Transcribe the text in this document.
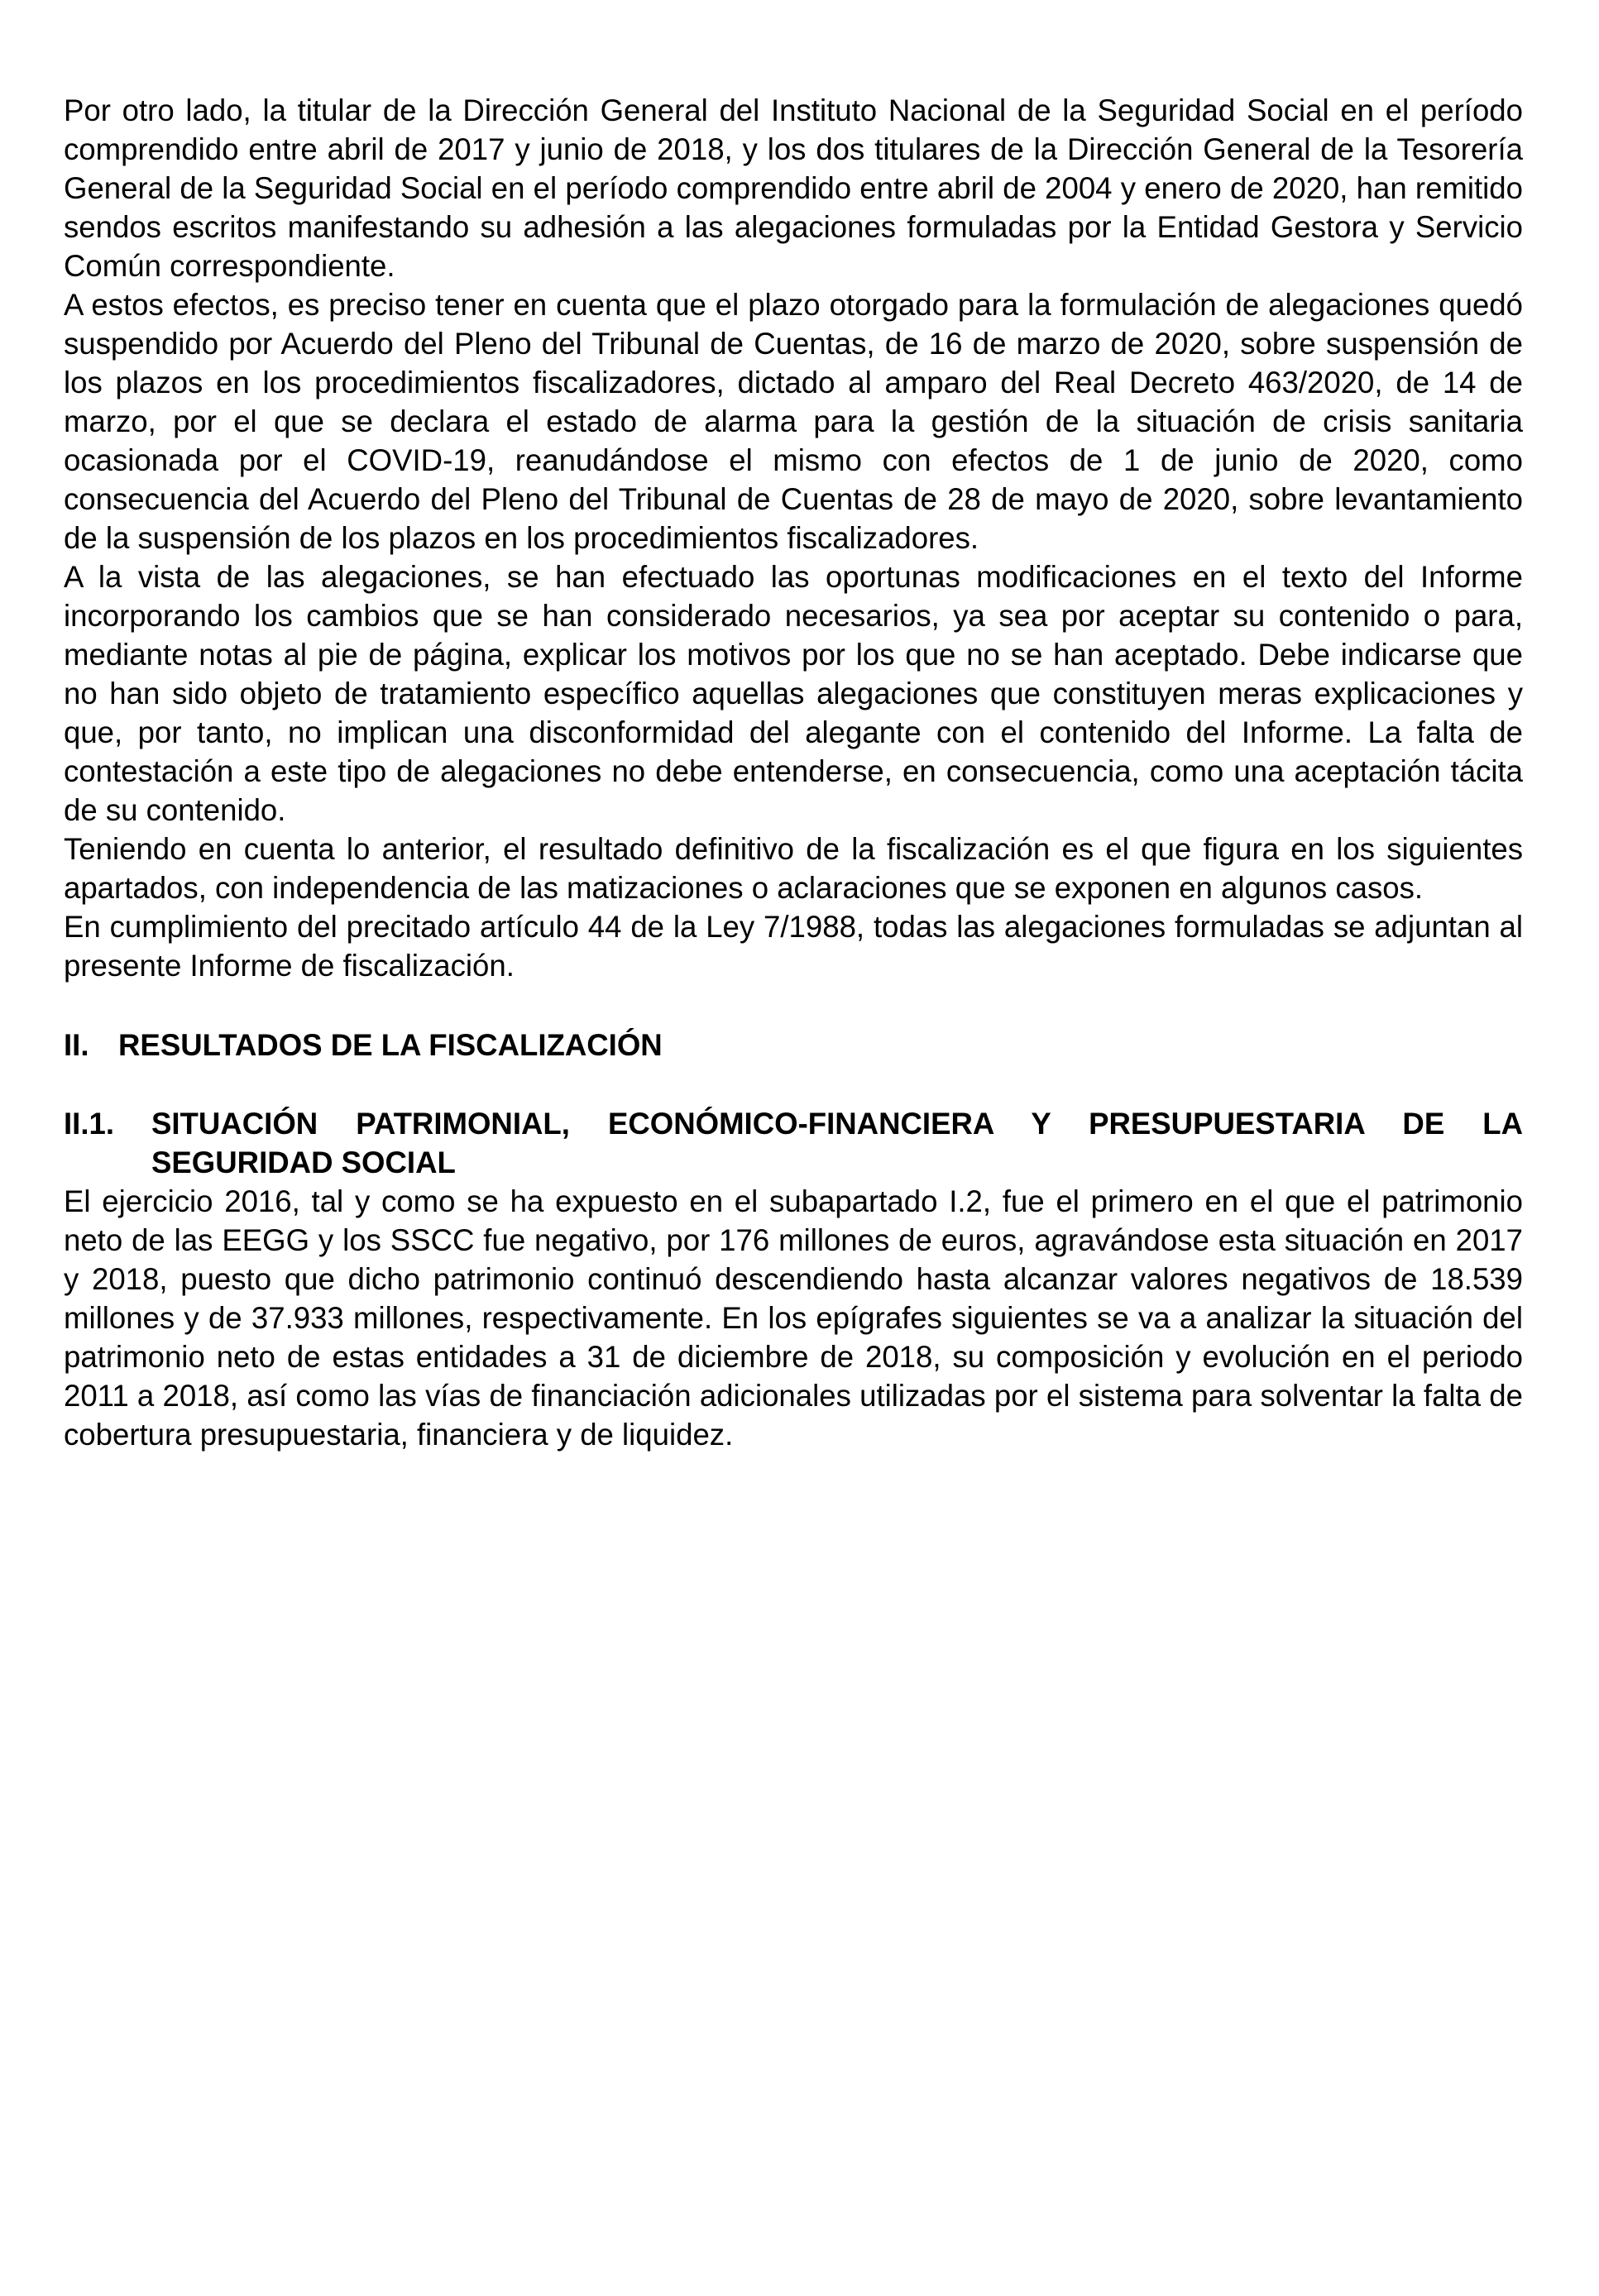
Por otro lado, la titular de la Dirección General del Instituto Nacional de la Seguridad Social en el período comprendido entre abril de 2017 y junio de 2018, y los dos titulares de la Dirección General de la Tesorería General de la Seguridad Social en el período comprendido entre abril de 2004 y enero de 2020, han remitido sendos escritos manifestando su adhesión a las alegaciones formuladas por la Entidad Gestora y Servicio Común correspondiente.

A estos efectos, es preciso tener en cuenta que el plazo otorgado para la formulación de alegaciones quedó suspendido por Acuerdo del Pleno del Tribunal de Cuentas, de 16 de marzo de 2020, sobre suspensión de los plazos en los procedimientos fiscalizadores, dictado al amparo del Real Decreto 463/2020, de 14 de marzo, por el que se declara el estado de alarma para la gestión de la situación de crisis sanitaria ocasionada por el COVID-19, reanudándose el mismo con efectos de 1 de junio de 2020, como consecuencia del Acuerdo del Pleno del Tribunal de Cuentas de 28 de mayo de 2020, sobre levantamiento de la suspensión de los plazos en los procedimientos fiscalizadores.

A la vista de las alegaciones, se han efectuado las oportunas modificaciones en el texto del Informe incorporando los cambios que se han considerado necesarios, ya sea por aceptar su contenido o para, mediante notas al pie de página, explicar los motivos por los que no se han aceptado. Debe indicarse que no han sido objeto de tratamiento específico aquellas alegaciones que constituyen meras explicaciones y que, por tanto, no implican una disconformidad del alegante con el contenido del Informe. La falta de contestación a este tipo de alegaciones no debe entenderse, en consecuencia, como una aceptación tácita de su contenido.

Teniendo en cuenta lo anterior, el resultado definitivo de la fiscalización es el que figura en los siguientes apartados, con independencia de las matizaciones o aclaraciones que se exponen en algunos casos.

En cumplimiento del precitado artículo 44 de la Ley 7/1988, todas las alegaciones formuladas se adjuntan al presente Informe de fiscalización.

II. RESULTADOS DE LA FISCALIZACIÓN
II.1.	SITUACIÓN PATRIMONIAL, ECONÓMICO-FINANCIERA Y PRESUPUESTARIA DE LA SEGURIDAD SOCIAL

El ejercicio 2016, tal y como se ha expuesto en el subapartado I.2, fue el primero en el que el patrimonio neto de las EEGG y los SSCC fue negativo, por 176 millones de euros, agravándose esta situación en 2017 y 2018, puesto que dicho patrimonio continuó descendiendo hasta alcanzar valores negativos de 18.539 millones y de 37.933 millones, respectivamente. En los epígrafes siguientes se va a analizar la situación del patrimonio neto de estas entidades a 31 de diciembre de 2018, su composición y evolución en el periodo 2011 a 2018, así como las vías de financiación adicionales utilizadas por el sistema para solventar la falta de cobertura presupuestaria, financiera y de liquidez.
